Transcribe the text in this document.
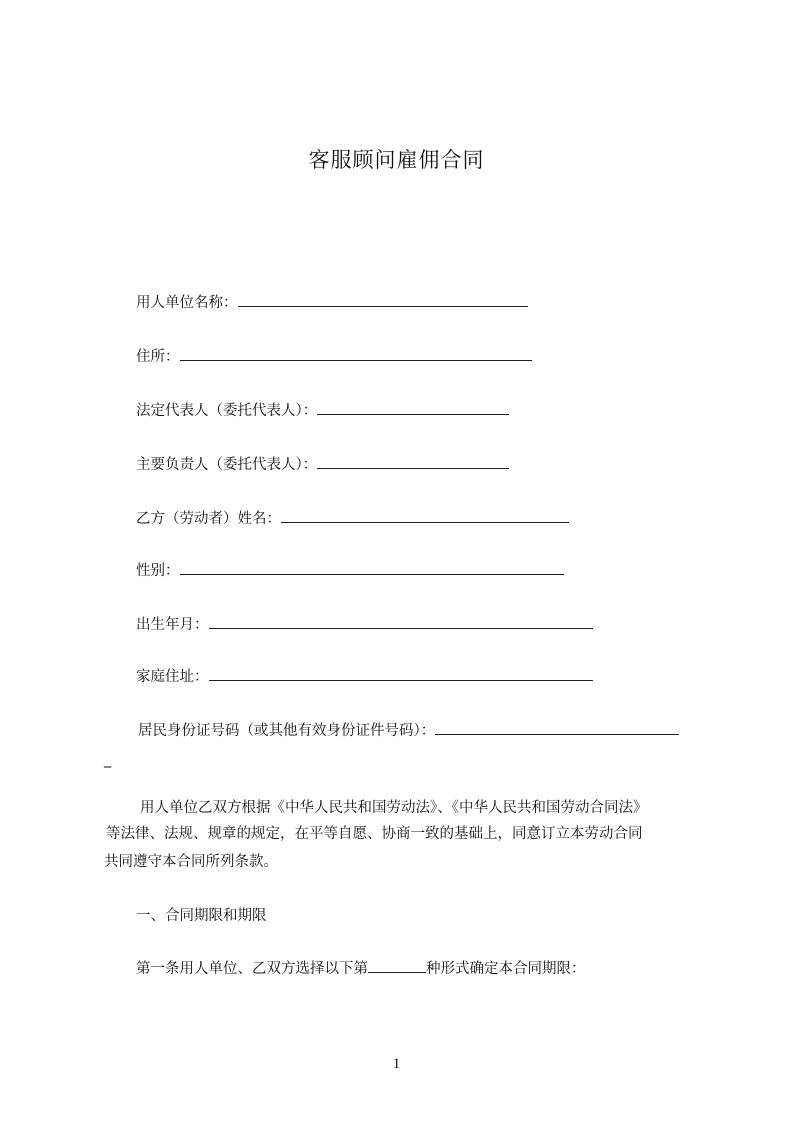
客服顾问雇佣合同
用人单位名称：
住所：
法定代表人（委托代表人）：
主要负责人（委托代表人）：
乙方（劳动者）姓名：
性别：
出生年月：
家庭住址：
居民身份证号码（或其他有效身份证件号码）：
_
用人单位乙双方根据《中华人民共和国劳动法》、《中华人民共和国劳动合同法》
等法律、法规、规章的规定，在平等自愿、协商一致的基础上，同意订立本劳动合同
共同遵守本合同所列条款。
一、合同期限和期限
第一条用人单位、乙双方选择以下第	种形式确定本合同期限：
1
